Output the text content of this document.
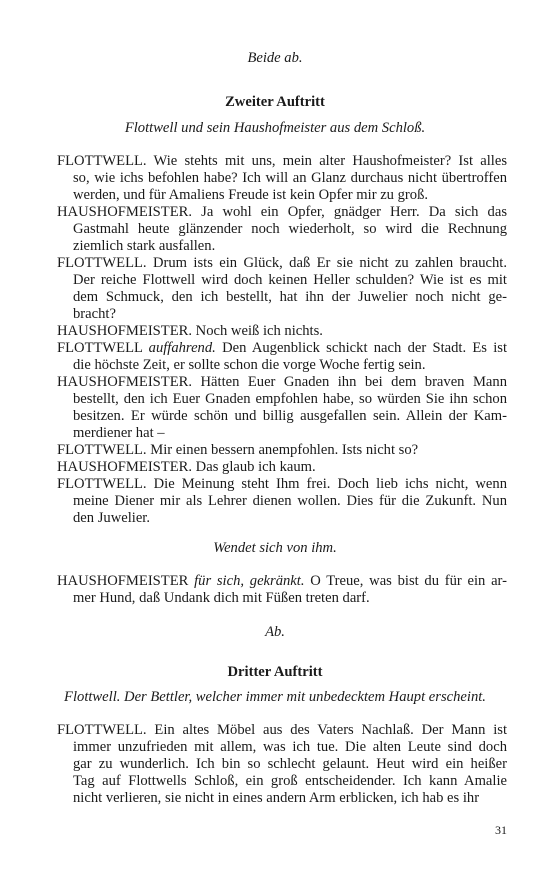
Beide ab.
Zweiter Auftritt
Flottwell und sein Haushofmeister aus dem Schloß.
FLOTTWELL. Wie stehts mit uns, mein alter Haushofmeister? Ist alles
so, wie ichs befohlen habe? Ich will an Glanz durchaus nicht übertroffen
werden, und für Amaliens Freude ist kein Opfer mir zu groß.
HAUSHOFMEISTER. Ja wohl ein Opfer, gnädger Herr. Da sich das
Gastmahl heute glänzender noch wiederholt, so wird die Rechnung
ziemlich stark ausfallen.
FLOTTWELL. Drum ists ein Glück, daß Er sie nicht zu zahlen braucht.
Der reiche Flottwell wird doch keinen Heller schulden? Wie ist es mit
dem Schmuck, den ich bestellt, hat ihn der Juwelier noch nicht ge-
bracht?
HAUSHOFMEISTER. Noch weiß ich nichts.
FLOTTWELL auffahrend. Den Augenblick schickt nach der Stadt. Es ist
die höchste Zeit, er sollte schon die vorge Woche fertig sein.
HAUSHOFMEISTER. Hätten Euer Gnaden ihn bei dem braven Mann
bestellt, den ich Euer Gnaden empfohlen habe, so würden Sie ihn schon
besitzen. Er würde schön und billig ausgefallen sein. Allein der Kam-
merdiener hat –
FLOTTWELL. Mir einen bessern anempfohlen. Ists nicht so?
HAUSHOFMEISTER. Das glaub ich kaum.
FLOTTWELL. Die Meinung steht Ihm frei. Doch lieb ichs nicht, wenn
meine Diener mir als Lehrer dienen wollen. Dies für die Zukunft. Nun
den Juwelier.
Wendet sich von ihm.
HAUSHOFMEISTER für sich, gekränkt. O Treue, was bist du für ein ar-
mer Hund, daß Undank dich mit Füßen treten darf.
Ab.
Dritter Auftritt
Flottwell. Der Bettler, welcher immer mit unbedecktem Haupt erscheint.
FLOTTWELL. Ein altes Möbel aus des Vaters Nachlaß. Der Mann ist
immer unzufrieden mit allem, was ich tue. Die alten Leute sind doch
gar zu wunderlich. Ich bin so schlecht gelaunt. Heut wird ein heißer
Tag auf Flottwells Schloß, ein groß entscheidender. Ich kann Amalie
nicht verlieren, sie nicht in eines andern Arm erblicken, ich hab es ihr
31
